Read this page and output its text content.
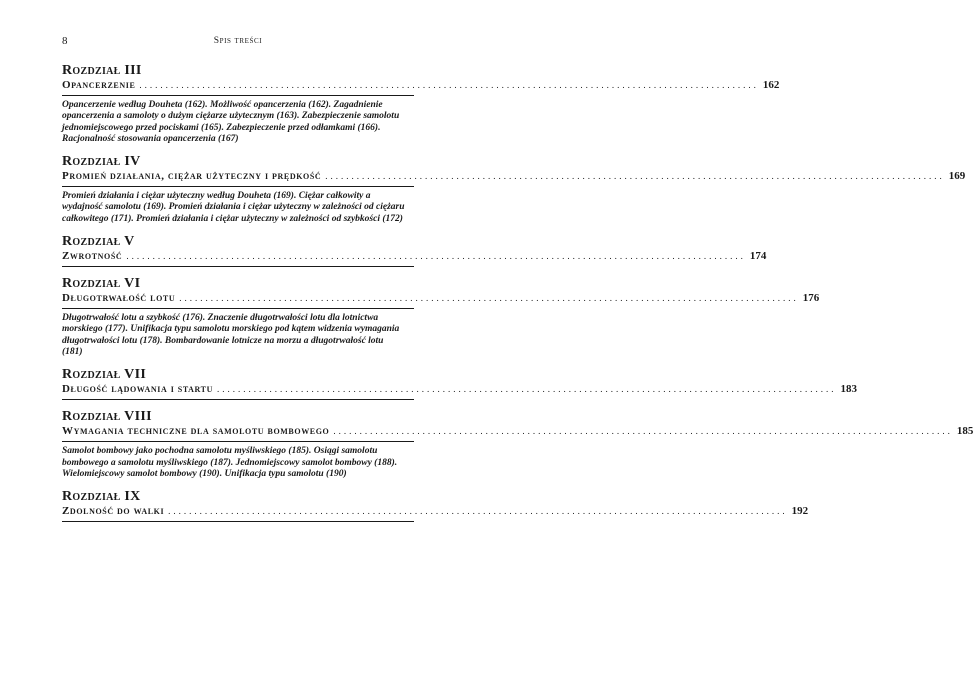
8	Spis treści
Rozdział III
Opancerzenie ...................................................................................................................... 162
Opancerzenie według Douheta (162). Możliwość opancerzenia (162). Zagadnienie opancerzenia a samoloty o dużym ciężarze użytecznym (163). Zabezpieczenie samolotu jednomiejscowego przed pociskami (165). Zabezpieczenie przed odłamkami (166). Racjonalność stosowania opancerzenia (167)
Rozdział IV
Promień działania, ciężar użyteczny i prędkość ...................................................................................................................... 169
Promień działania i ciężar użyteczny według Douheta (169). Ciężar całkowity a wydajność samolotu (169). Promień działania i ciężar użyteczny w zależności od ciężaru całkowitego (171). Promień działania i ciężar użyteczny w zależności od szybkości (172)
Rozdział V
Zwrotność ...................................................................................................................... 174
Rozdział VI
Długotrwałość lotu ...................................................................................................................... 176
Długotrwałość lotu a szybkość (176). Znaczenie długotrwałości lotu dla lotnictwa morskiego (177). Unifikacja typu samolotu morskiego pod kątem widzenia wymagania długotrwałości lotu (178). Bombardowanie lotnicze na morzu a długotrwałość lotu (181)
Rozdział VII
Długość lądowania i startu ...................................................................................................................... 183
Rozdział VIII
Wymagania techniczne dla samolotu bombowego ...................................................................................................................... 185
Samolot bombowy jako pochodna samolotu myśliwskiego (185). Osiągi samolotu bombowego a samolotu myśliwskiego (187). Jednomiejscowy samolot bombowy (188). Wielomiejscowy samolot bombowy (190). Unifikacja typu samolotu (190)
Rozdział IX
Zdolność do walki ...................................................................................................................... 192
